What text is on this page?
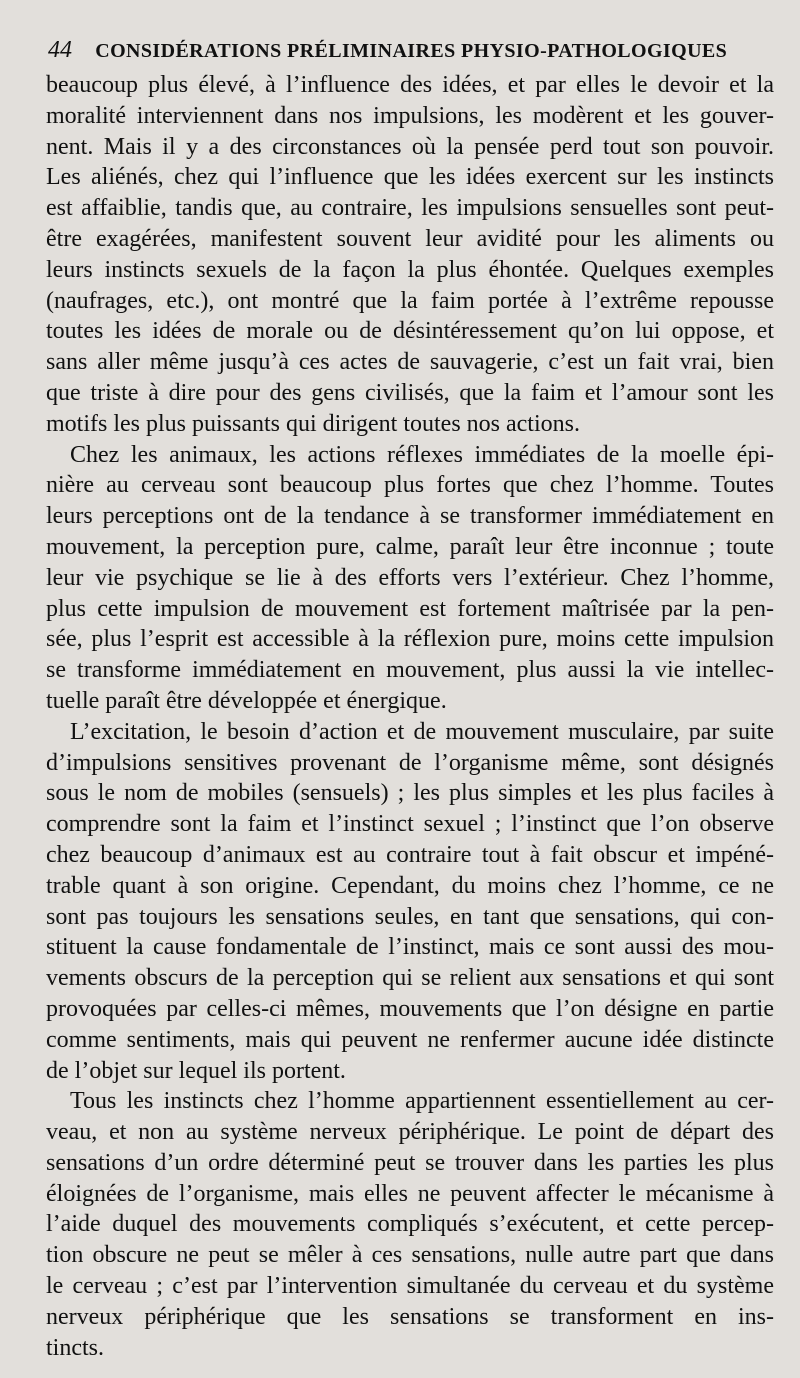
44 CONSIDÉRATIONS PRÉLIMINAIRES PHYSIO-PATHOLOGIQUES
beaucoup plus élevé, à l’influence des idées, et par elles le devoir et la
moralité interviennent dans nos impulsions, les modèrent et les gouver-
nent. Mais il y a des circonstances où la pensée perd tout son pouvoir.
Les aliénés, chez qui l’influence que les idées exercent sur les instincts
est affaiblie, tandis que, au contraire, les impulsions sensuelles sont peut-
être exagérées, manifestent souvent leur avidité pour les aliments ou
leurs instincts sexuels de la façon la plus éhontée. Quelques exemples
(naufrages, etc.), ont montré que la faim portée à l’extrême repousse
toutes les idées de morale ou de désintéressement qu’on lui oppose, et
sans aller même jusqu’à ces actes de sauvagerie, c’est un fait vrai, bien
que triste à dire pour des gens civilisés, que la faim et l’amour sont les
motifs les plus puissants qui dirigent toutes nos actions.
Chez les animaux, les actions réflexes immédiates de la moelle épi-
nière au cerveau sont beaucoup plus fortes que chez l’homme. Toutes
leurs perceptions ont de la tendance à se transformer immédiatement en
mouvement, la perception pure, calme, paraît leur être inconnue ; toute
leur vie psychique se lie à des efforts vers l’extérieur. Chez l’homme,
plus cette impulsion de mouvement est fortement maîtrisée par la pen-
sée, plus l’esprit est accessible à la réflexion pure, moins cette impulsion
se transforme immédiatement en mouvement, plus aussi la vie intellec-
tuelle paraît être développée et énergique.
L’excitation, le besoin d’action et de mouvement musculaire, par suite
d’impulsions sensitives provenant de l’organisme même, sont désignés
sous le nom de mobiles (sensuels) ; les plus simples et les plus faciles à
comprendre sont la faim et l’instinct sexuel ; l’instinct que l’on observe
chez beaucoup d’animaux est au contraire tout à fait obscur et impéné-
trable quant à son origine. Cependant, du moins chez l’homme, ce ne
sont pas toujours les sensations seules, en tant que sensations, qui con-
stituent la cause fondamentale de l’instinct, mais ce sont aussi des mou-
vements obscurs de la perception qui se relient aux sensations et qui sont
provoquées par celles-ci mêmes, mouvements que l’on désigne en partie
comme sentiments, mais qui peuvent ne renfermer aucune idée distincte
de l’objet sur lequel ils portent.
Tous les instincts chez l’homme appartiennent essentiellement au cer-
veau, et non au système nerveux périphérique. Le point de départ des
sensations d’un ordre déterminé peut se trouver dans les parties les plus
éloignées de l’organisme, mais elles ne peuvent affecter le mécanisme à
l’aide duquel des mouvements compliqués s’exécutent, et cette percep-
tion obscure ne peut se mêler à ces sensations, nulle autre part que dans
le cerveau ; c’est par l’intervention simultanée du cerveau et du système
nerveux périphérique que les sensations se transforment en ins-
tincts.
